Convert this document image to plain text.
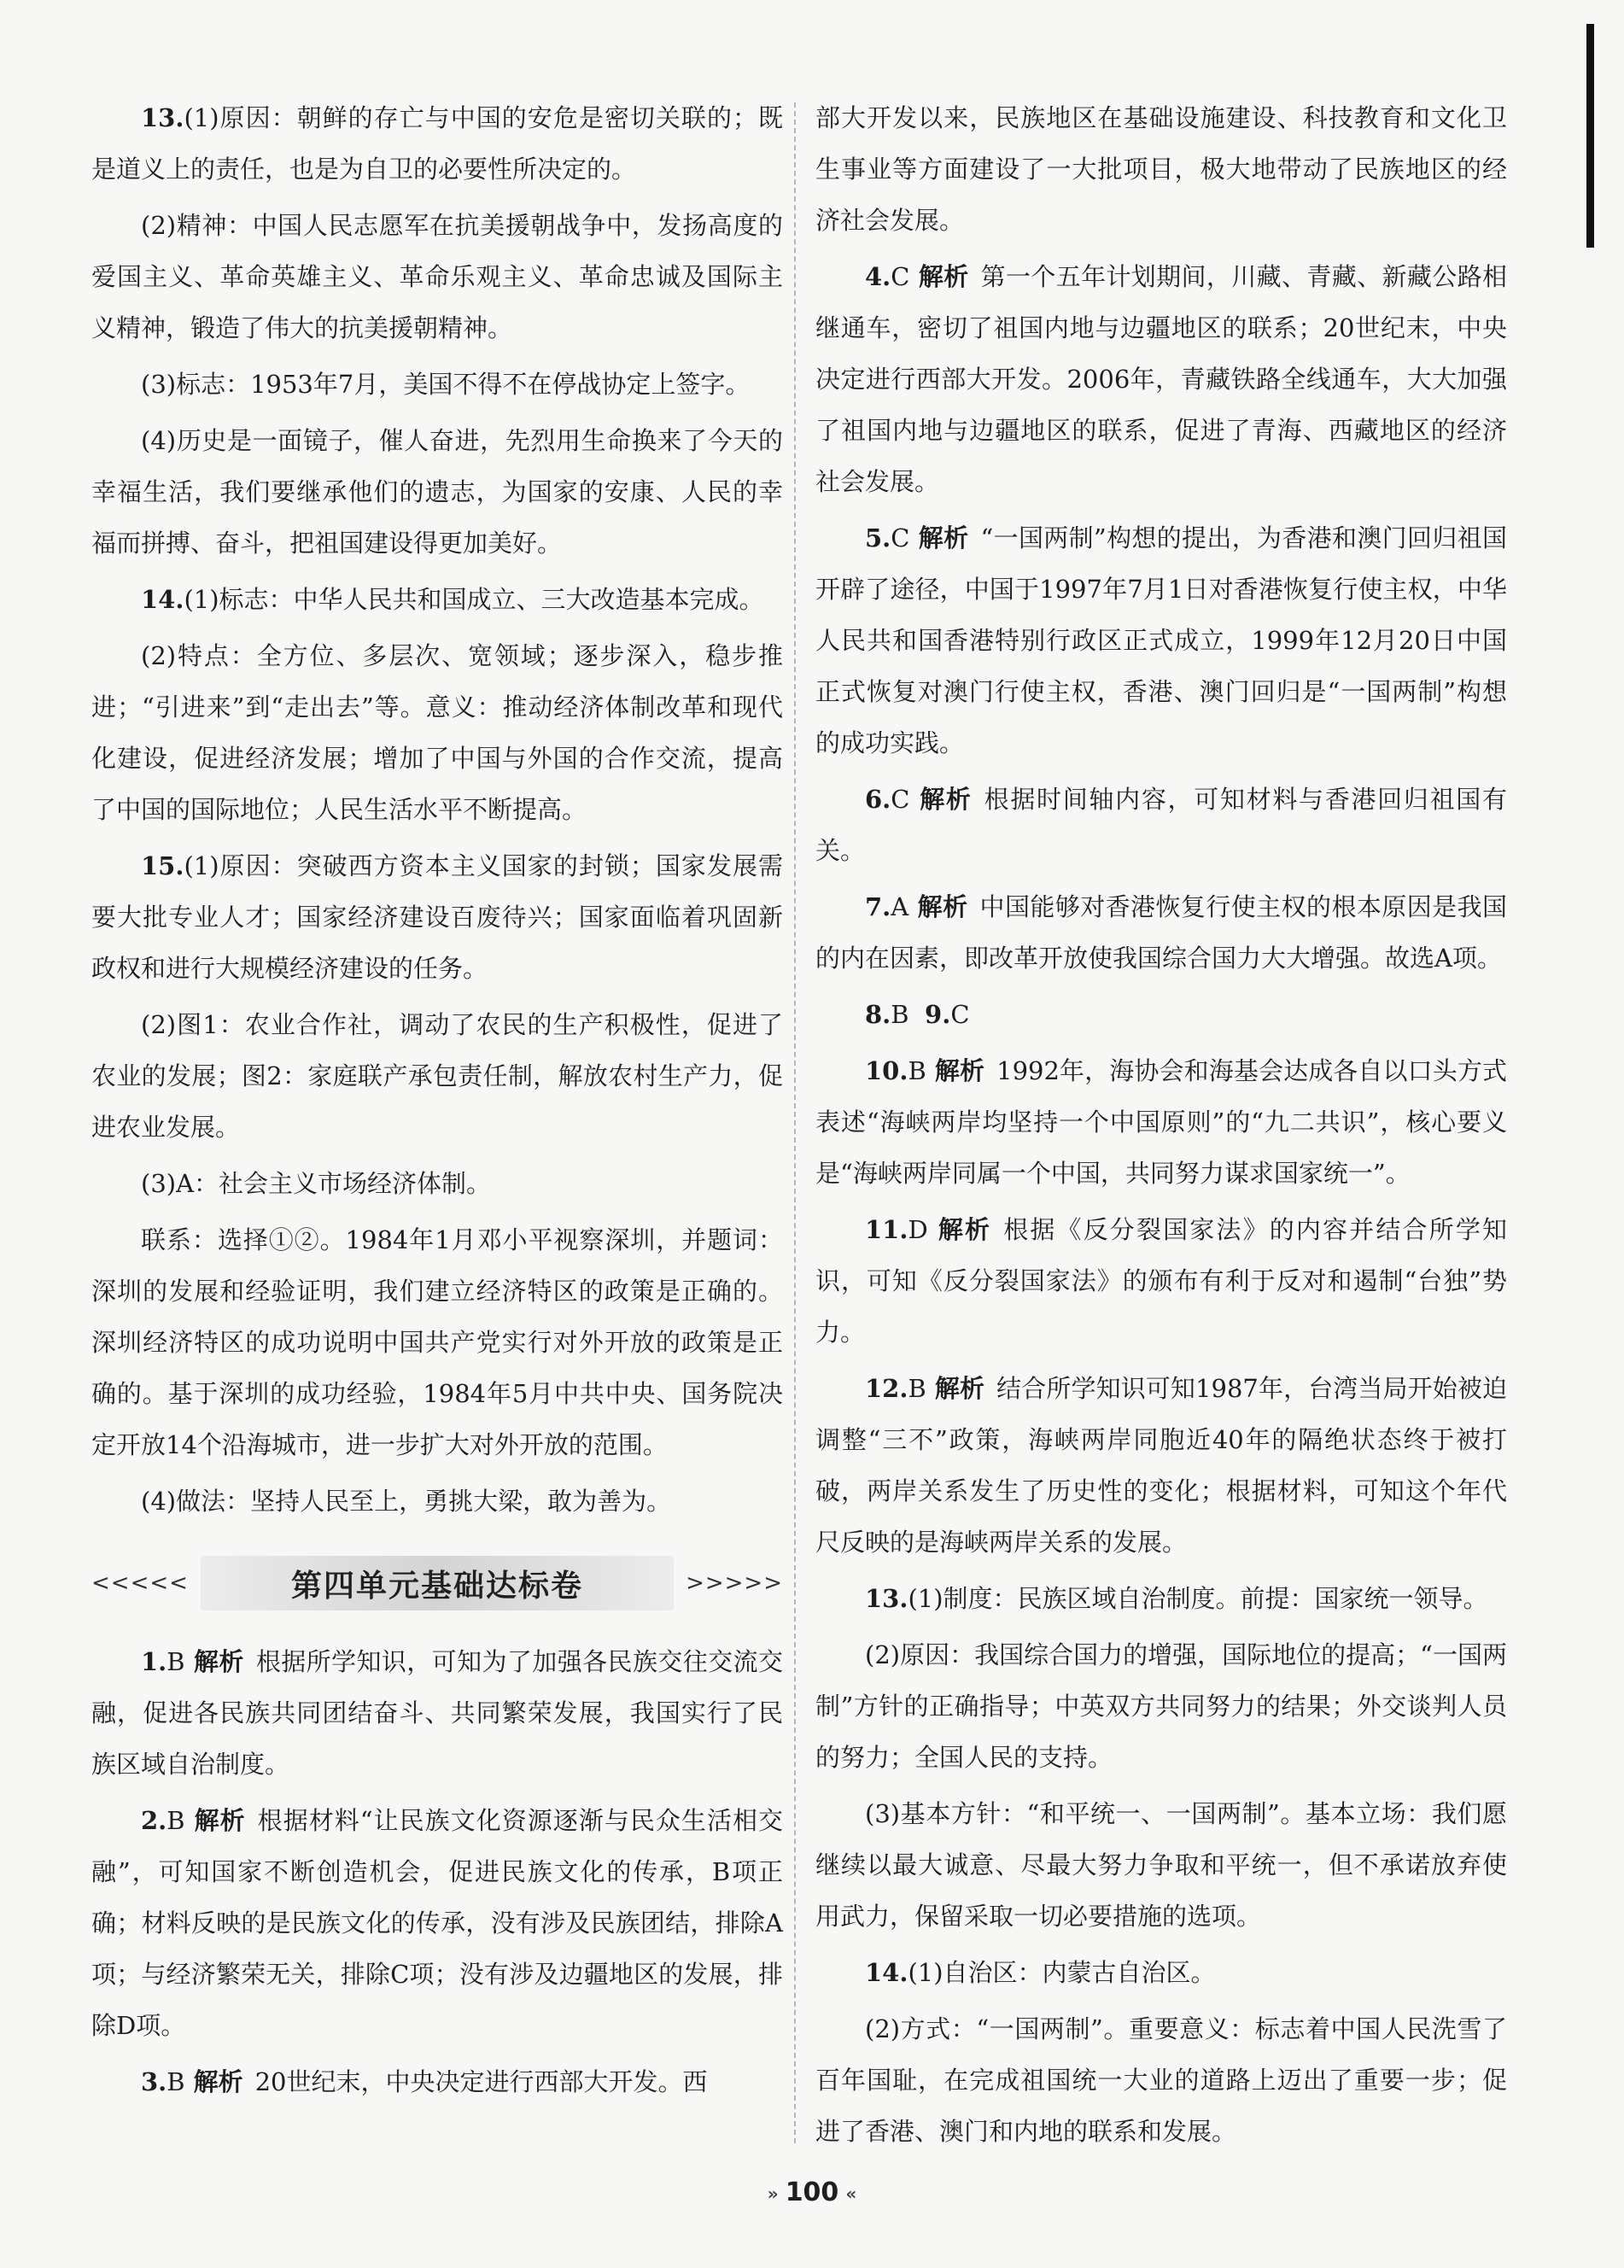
13.(1)原因：朝鲜的存亡与中国的安危是密切关联的；既是道义上的责任，也是为自卫的必要性所决定的。

(2)精神：中国人民志愿军在抗美援朝战争中，发扬高度的爱国主义、革命英雄主义、革命乐观主义、革命忠诚及国际主义精神，锻造了伟大的抗美援朝精神。

(3)标志：1953年7月，美国不得不在停战协定上签字。

(4)历史是一面镜子，催人奋进，先烈用生命换来了今天的幸福生活，我们要继承他们的遗志，为国家的安康、人民的幸福而拼搏、奋斗，把祖国建设得更加美好。

14.(1)标志：中华人民共和国成立、三大改造基本完成。

(2)特点：全方位、多层次、宽领域；逐步深入，稳步推进；“引进来”到“走出去”等。意义：推动经济体制改革和现代化建设，促进经济发展；增加了中国与外国的合作交流，提高了中国的国际地位；人民生活水平不断提高。

15.(1)原因：突破西方资本主义国家的封锁；国家发展需要大批专业人才；国家经济建设百废待兴；国家面临着巩固新政权和进行大规模经济建设的任务。

(2)图1：农业合作社，调动了农民的生产积极性，促进了农业的发展；图2：家庭联产承包责任制，解放农村生产力，促进农业发展。

(3)A：社会主义市场经济体制。

联系：选择①②。1984年1月邓小平视察深圳，并题词：深圳的发展和经验证明，我们建立经济特区的政策是正确的。深圳经济特区的成功说明中国共产党实行对外开放的政策是正确的。基于深圳的成功经验，1984年5月中共中央、国务院决定开放14个沿海城市，进一步扩大对外开放的范围。

(4)做法：坚持人民至上，勇挑大梁，敢为善为。

<<<<<	第四单元基础达标卷	>>>>>

1.B 解析 根据所学知识，可知为了加强各民族交往交流交融，促进各民族共同团结奋斗、共同繁荣发展，我国实行了民族区域自治制度。

2.B 解析 根据材料“让民族文化资源逐渐与民众生活相交融”，可知国家不断创造机会，促进民族文化的传承，B项正确；材料反映的是民族文化的传承，没有涉及民族团结，排除A项；与经济繁荣无关，排除C项；没有涉及边疆地区的发展，排除D项。

3.B 解析 20世纪末，中央决定进行西部大开发。西

部大开发以来，民族地区在基础设施建设、科技教育和文化卫生事业等方面建设了一大批项目，极大地带动了民族地区的经济社会发展。

4.C 解析 第一个五年计划期间，川藏、青藏、新藏公路相继通车，密切了祖国内地与边疆地区的联系；20世纪末，中央决定进行西部大开发。2006年，青藏铁路全线通车，大大加强了祖国内地与边疆地区的联系，促进了青海、西藏地区的经济社会发展。

5.C 解析 “一国两制”构想的提出，为香港和澳门回归祖国开辟了途径，中国于1997年7月1日对香港恢复行使主权，中华人民共和国香港特别行政区正式成立，1999年12月20日中国正式恢复对澳门行使主权，香港、澳门回归是“一国两制”构想的成功实践。

6.C 解析 根据时间轴内容，可知材料与香港回归祖国有关。

7.A 解析 中国能够对香港恢复行使主权的根本原因是我国的内在因素，即改革开放使我国综合国力大大增强。故选A项。

8.B 9.C

10.B 解析 1992年，海协会和海基会达成各自以口头方式表述“海峡两岸均坚持一个中国原则”的“九二共识”，核心要义是“海峡两岸同属一个中国，共同努力谋求国家统一”。

11.D 解析 根据《反分裂国家法》的内容并结合所学知识，可知《反分裂国家法》的颁布有利于反对和遏制“台独”势力。

12.B 解析 结合所学知识可知1987年，台湾当局开始被迫调整“三不”政策，海峡两岸同胞近40年的隔绝状态终于被打破，两岸关系发生了历史性的变化；根据材料，可知这个年代尺反映的是海峡两岸关系的发展。

13.(1)制度：民族区域自治制度。前提：国家统一领导。

(2)原因：我国综合国力的增强，国际地位的提高；“一国两制”方针的正确指导；中英双方共同努力的结果；外交谈判人员的努力；全国人民的支持。

(3)基本方针：“和平统一、一国两制”。基本立场：我们愿继续以最大诚意、尽最大努力争取和平统一，但不承诺放弃使用武力，保留采取一切必要措施的选项。

14.(1)自治区：内蒙古自治区。

(2)方式：“一国两制”。重要意义：标志着中国人民洗雪了百年国耻，在完成祖国统一大业的道路上迈出了重要一步；促进了香港、澳门和内地的联系和发展。

» 100 «
